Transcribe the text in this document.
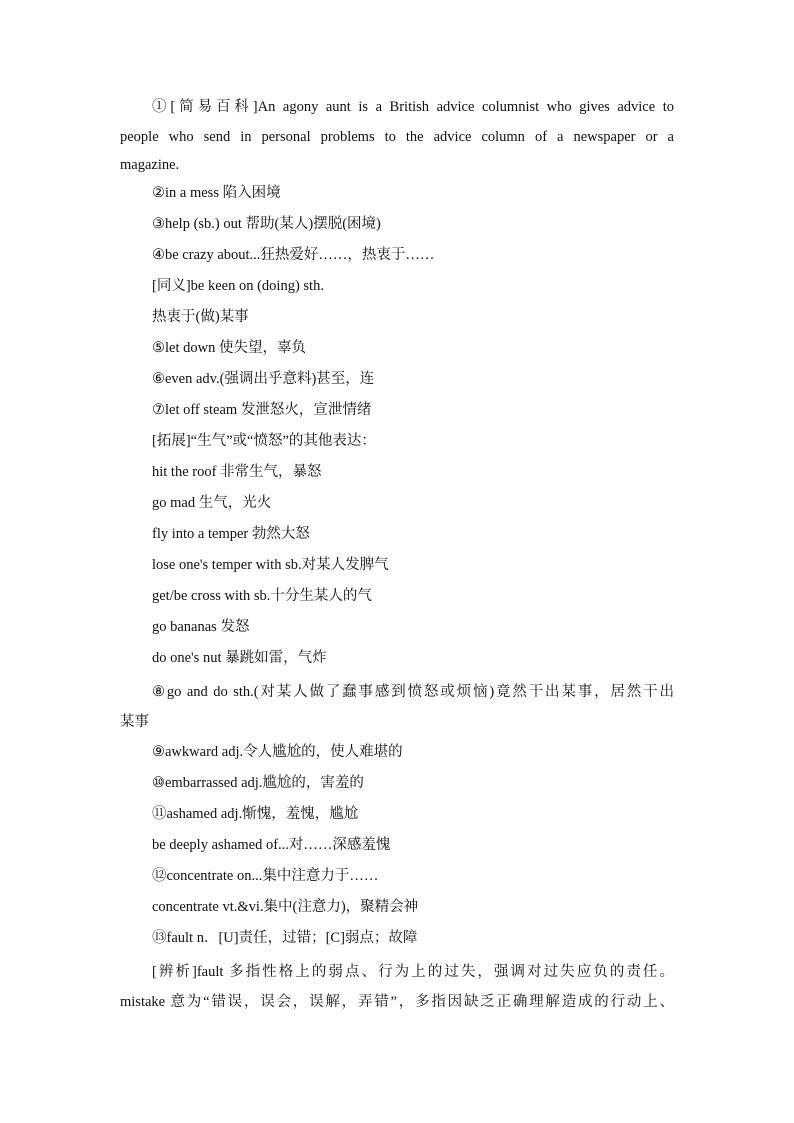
①[简易百科]An agony aunt is a British advice columnist who gives advice to
people who send in personal problems to the advice column of a newspaper or a
magazine.
②in a mess 陷入困境
③help (sb.) out 帮助(某人)摆脱(困境)
④be crazy about...狂热爱好……，热衷于……
[同义]be keen on (doing) sth.
热衷于(做)某事
⑤let down 使失望，辜负
⑥even adv.(强调出乎意料)甚至，连
⑦let off steam 发泄怒火，宣泄情绪
[拓展]“生气”或“愤怒”的其他表达：
hit the roof 非常生气，暴怒
go mad 生气，光火
fly into a temper 勃然大怒
lose one's temper with sb.对某人发脾气
get/be cross with sb.十分生某人的气
go bananas 发怒
do one's nut 暴跳如雷，气炸
⑧go and do sth.(对某人做了蠢事感到愤怒或烦恼)竟然干出某事，居然干出
某事
⑨awkward adj.令人尴尬的，使人难堪的
⑩embarrassed adj.尴尬的，害羞的
⑪ashamed adj.惭愧，羞愧，尴尬
be deeply ashamed of...对……深感羞愧
⑫concentrate on...集中注意力于……
concentrate vt.&vi.集中(注意力)，聚精会神
⑬fault n．[U]责任，过错；[C]弱点；故障
[辨析]fault 多指性格上的弱点、行为上的过失，强调对过失应负的责任。
mistake 意为“错误，误会，误解，弄错”，多指因缺乏正确理解造成的行动上、
